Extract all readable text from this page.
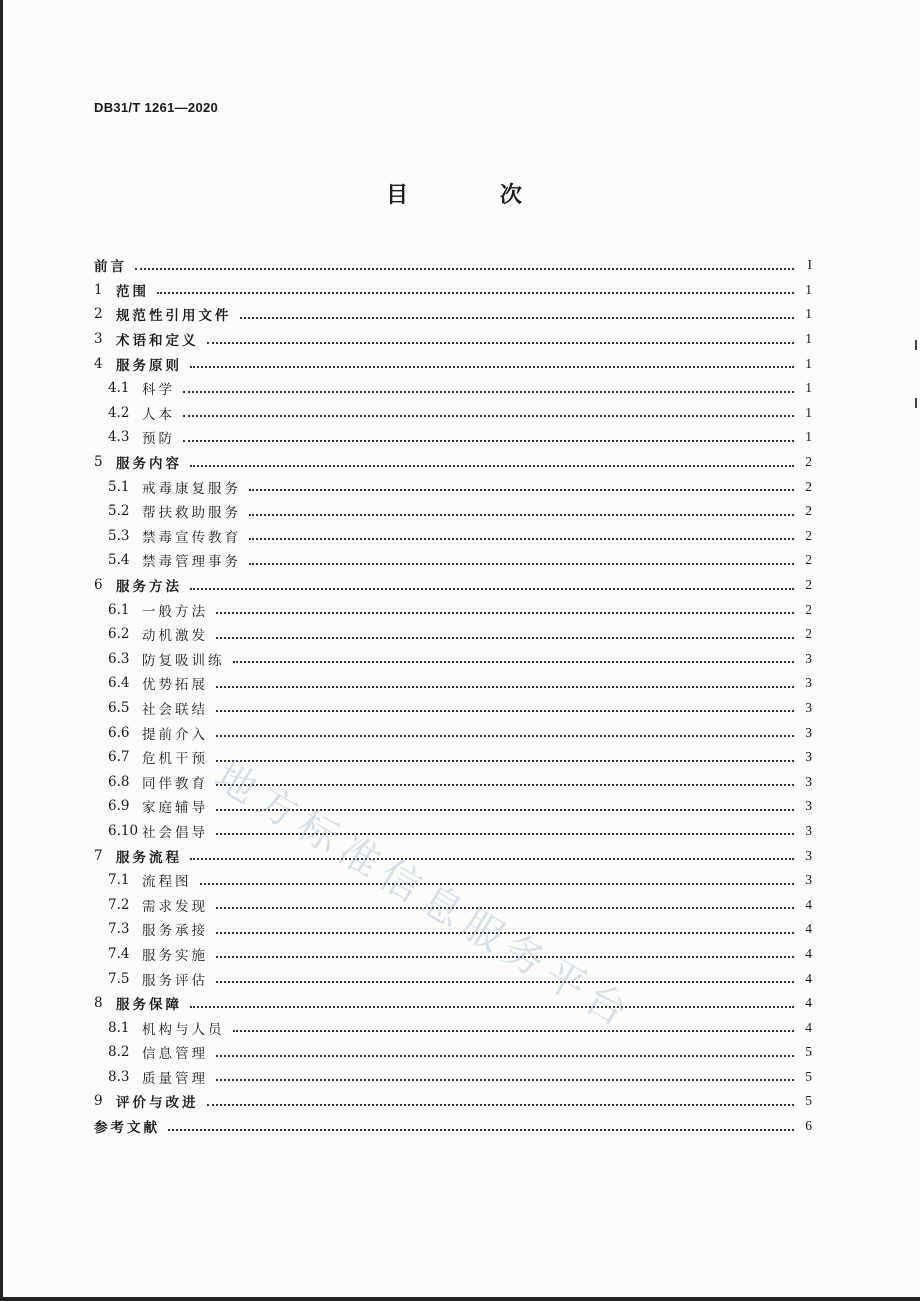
DB31/T 1261—2020
目 次
前言	I
1 范围	1
2 规范性引用文件	1
3 术语和定义	1
4 服务原则	1
4.1 科学	1
4.2 人本	1
4.3 预防	1
5 服务内容	2
5.1 戒毒康复服务	2
5.2 帮扶救助服务	2
5.3 禁毒宣传教育	2
5.4 禁毒管理事务	2
6 服务方法	2
6.1 一般方法	2
6.2 动机激发	2
6.3 防复吸训练	3
6.4 优势拓展	3
6.5 社会联结	3
6.6 提前介入	3
6.7 危机干预	3
6.8 同伴教育	3
6.9 家庭辅导	3
6.10 社会倡导	3
7 服务流程	3
7.1 流程图	3
7.2 需求发现	4
7.3 服务承接	4
7.4 服务实施	4
7.5 服务评估	4
8 服务保障	4
8.1 机构与人员	4
8.2 信息管理	5
8.3 质量管理	5
9 评价与改进	5
参考文献	6
地方标准信息服务平台
